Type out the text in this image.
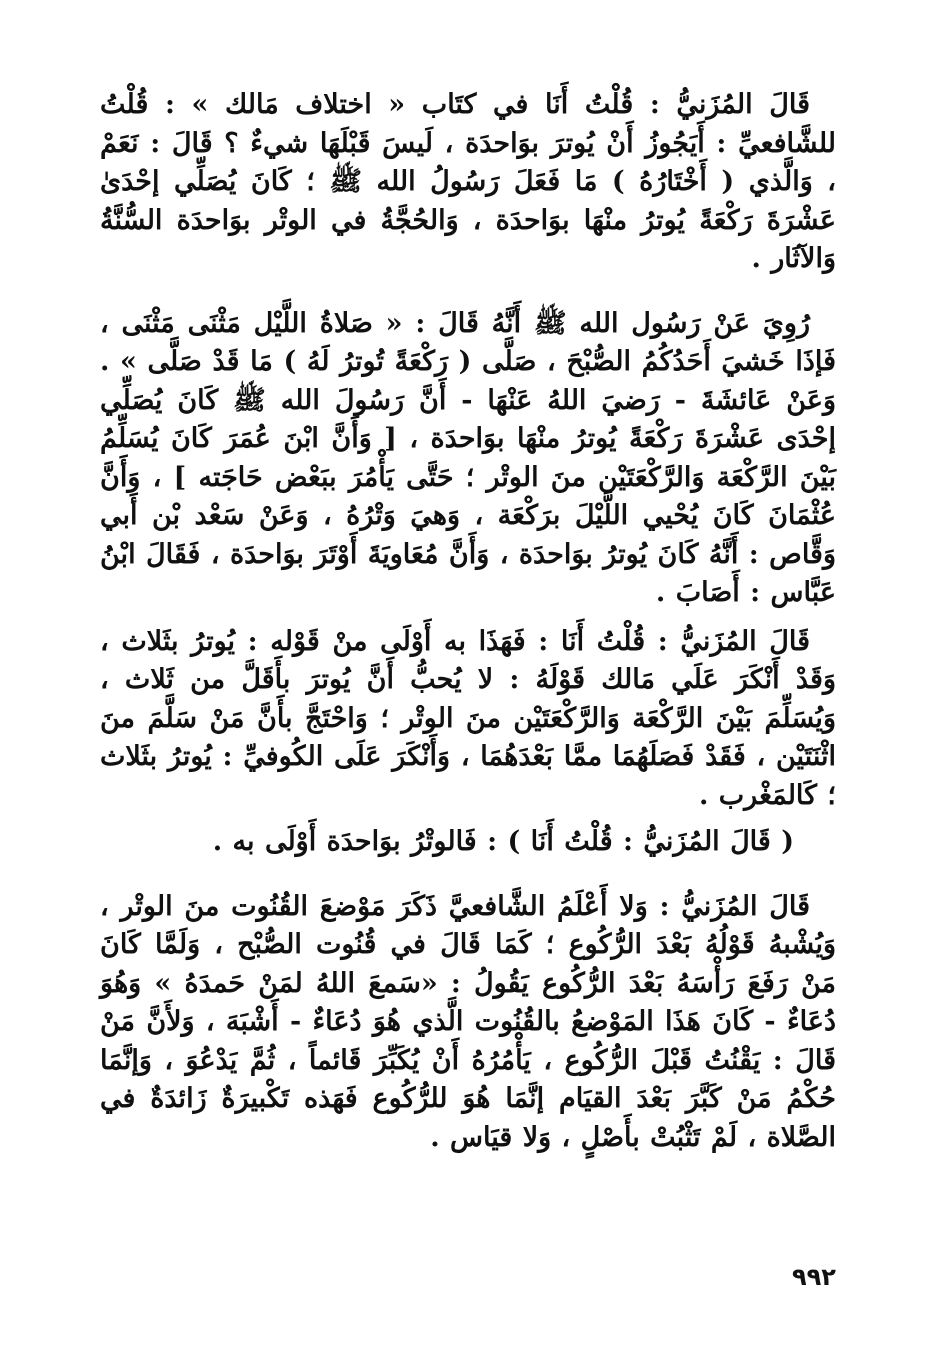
قَالَ المُزَنيُّ : قُلْتُ أَنَا في كتَاب « اختلاف مَالك » : قُلْتُ للشَّافعيِّ : أَيَجُوزُ أَنْ يُوترَ بوَاحدَة ، لَيسَ قَبْلَهَا شيءٌ ؟ قَالَ : نَعَمْ ، وَالَّذي ( أَخْتَارُهُ ) مَا فَعَلَ رَسُولُ الله ﷺ ؛ كَانَ يُصَلِّي إحْدَىٰ عَشْرَةَ رَكْعَةً يُوترُ منْهَا بوَاحدَة ، وَالحُجَّةُ في الوتْر بوَاحدَة السُّنَّةُ وَالآثَار .

رُوِيَ عَنْ رَسُول الله ﷺ أَنَّهُ قَالَ : « صَلاةُ اللَّيْل مَثْنَى مَثْنَى ، فَإذَا خَشيَ أَحَدُكُمُ الصُّبْحَ ، صَلَّى ( رَكْعَةً تُوترُ لَهُ ) مَا قَدْ صَلَّى » . وَعَنْ عَائشَةَ - رَضيَ اللهُ عَنْهَا - أَنَّ رَسُولَ الله ﷺ كَانَ يُصَلِّي إحْدَى عَشْرَةَ رَكْعَةً يُوترُ منْهَا بوَاحدَة ، [ وَأَنَّ ابْنَ عُمَرَ كَانَ يُسَلِّمُ بَيْنَ الرَّكْعَة وَالرَّكْعَتَيْن منَ الوتْر ؛ حَتَّى يَأْمُرَ ببَعْض حَاجَته ] ، وَأَنَّ عُثْمَانَ كَانَ يُحْيي اللَّيْلَ برَكْعَة ، وَهيَ وَتْرُهُ ، وَعَنْ سَعْد بْن أَبي وَقَّاص : أَنَّهُ كَانَ يُوترُ بوَاحدَة ، وَأَنَّ مُعَاويَةَ أَوْتَرَ بوَاحدَة ، فَقَالَ ابْنُ عَبَّاس : أَصَابَ .

قَالَ المُزَنيُّ : قُلْتُ أَنَا : فَهَذَا به أَوْلَى منْ قَوْله : يُوترُ بثَلاث ، وَقَدْ أَنْكَرَ عَلَي مَالك قَوْلَهُ : لا يُحبُّ أَنَّ يُوترَ بأَقَلَّ من ثَلاث ، وَيُسَلِّمَ بَيْنَ الرَّكْعَة وَالرَّكْعَتَيْن منَ الوتْر ؛ وَاحْتَجَّ بأَنَّ مَنْ سَلَّمَ منَ اثْنَتَيْن ، فَقَدْ فَصَلَهُمَا ممَّا بَعْدَهُمَا ، وَأَنْكَرَ عَلَى الكُوفيِّ : يُوترُ بثَلاث ؛ كَالمَغْرب .

( قَالَ المُزَنيُّ : قُلْتُ أَنَا ) : فَالوتْرُ بوَاحدَة أَوْلَى به .

قَالَ المُزَنيُّ : وَلا أَعْلَمُ الشَّافعيَّ ذَكَرَ مَوْضعَ القُنُوت منَ الوتْر ، وَيُشْبهُ قَوْلُهُ بَعْدَ الرُّكُوع ؛ كَمَا قَالَ في قُنُوت الصُّبْح ، وَلَمَّا كَانَ مَنْ رَفَعَ رَأْسَهُ بَعْدَ الرُّكُوع يَقُولُ : «سَمعَ اللهُ لمَنْ حَمدَهُ » وَهُوَ دُعَاءٌ - كَانَ هَذَا المَوْضعُ بالقُنُوت الَّذي هُوَ دُعَاءٌ - أَشْبَهَ ، وَلأَنَّ مَنْ قَالَ : يَقْنُتُ قَبْلَ الرُّكُوع ، يَأْمُرُهُ أَنْ يُكَبِّرَ قَائماً ، ثُمَّ يَدْعُوَ ، وَإنَّمَا حُكْمُ مَنْ كَبَّرَ بَعْدَ القيَام إنَّمَا هُوَ للرُّكُوع فَهَذه تَكْبيرَةٌ زَائدَةٌ في الصَّلاة ، لَمْ تَثْبُتْ بأَصْلٍ ، وَلا قيَاس .

٩٩٢
